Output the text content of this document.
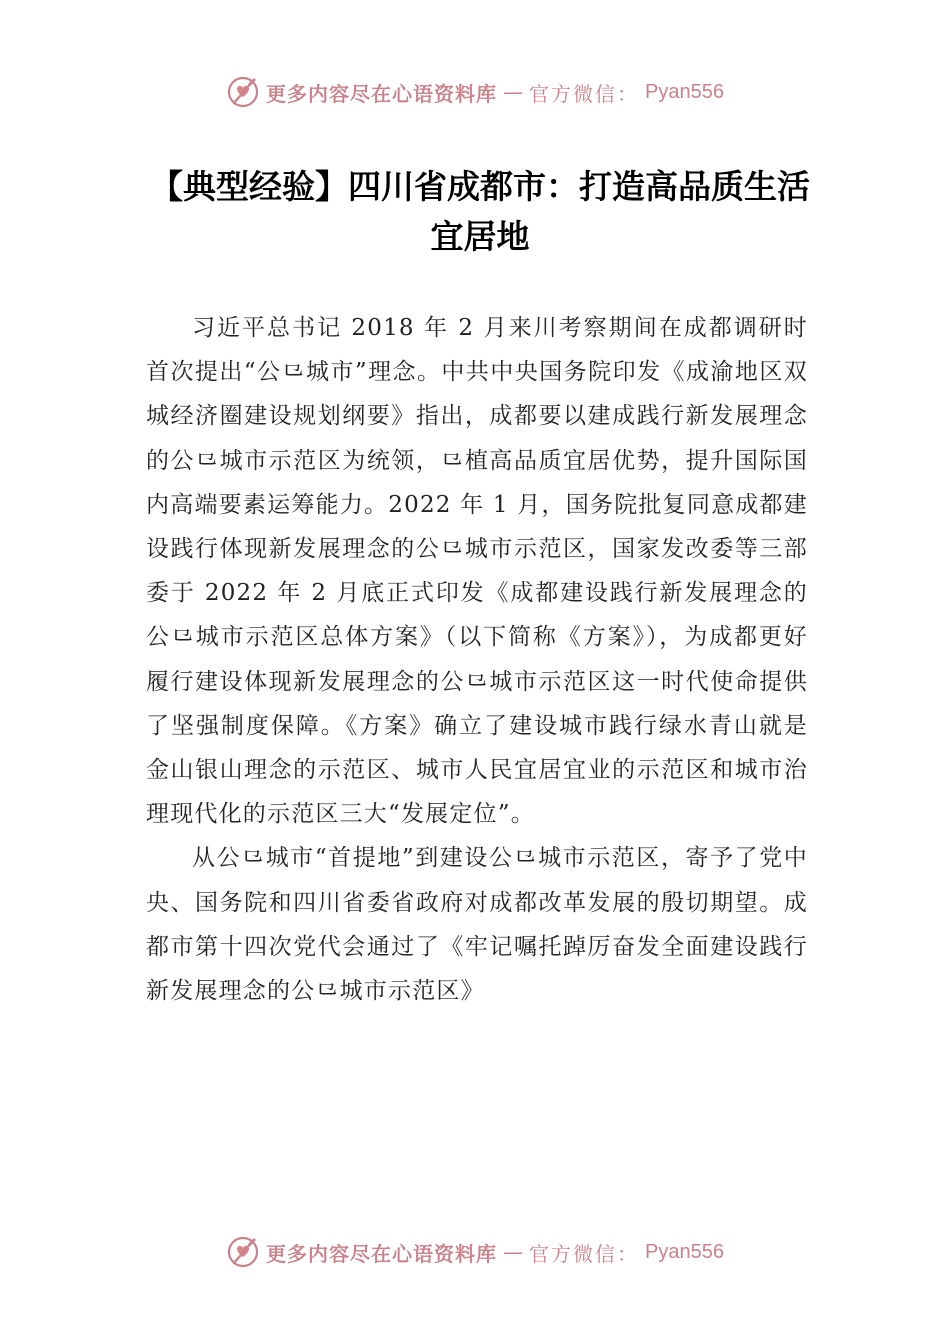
更多内容尽在心语资料库 — 官方微信： Pyan556
【典型经验】四川省成都市：打造高品质生活宜居地

习近平总书记 2018 年 2 月来川考察期间在成都调研时首次提出“公⺋城市”理念。中共中央国务院印发《成渝地区双城经济圈建设规划纲要》指出，成都要以建成践行新发展理念的公⺋城市示范区为统领，⺋植高品质宜居优势，提升国际国内高端要素运筹能力。2022 年 1 月，国务院批复同意成都建设践行体现新发展理念的公⺋城市示范区，国家发改委等三部委于 2022 年 2 月底正式印发《成都建设践行新发展理念的公⺋城市示范区总体方案》（以下简称《方案》），为成都更好履行建设体现新发展理念的公⺋城市示范区这一时代使命提供了坚强制度保障。《方案》确立了建设城市践行绿水青山就是金山银山理念的示范区、城市人民宜居宜业的示范区和城市治理现代化的示范区三大“发展定位”。

从公⺋城市“首提地”到建设公⺋城市示范区，寄予了党中央、国务院和四川省委省政府对成都改革发展的殷切期望。成都市第十四次党代会通过了《牢记嘱托踔厉奋发全面建设践行新发展理念的公⺋城市示范区》

更多内容尽在心语资料库 — 官方微信： Pyan556
